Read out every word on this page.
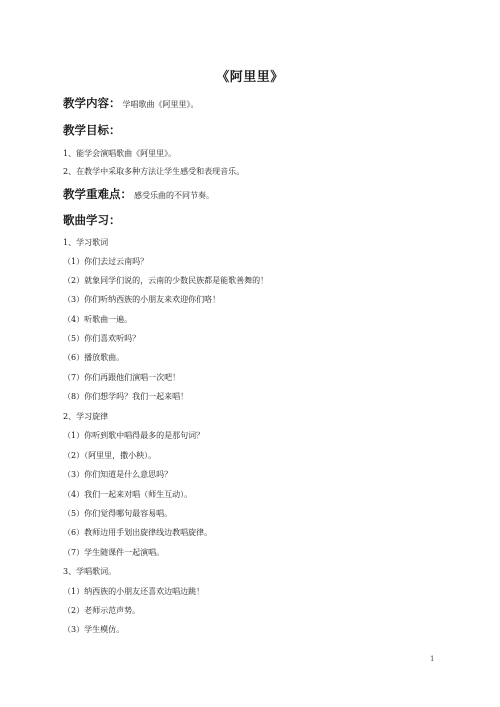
《阿里里》
教学内容： 学唱歌曲《阿里里》。
教学目标：
1、能学会演唱歌曲《阿里里》。
2、在教学中采取多种方法让学生感受和表现音乐。
教学重难点： 感受乐曲的不同节奏。
歌曲学习：
1、学习歌词
（1）你们去过云南吗？
（2）就象同学们说的，云南的少数民族都是能歌善舞的！
（3）你们听纳西族的小朋友来欢迎你们咯！
（4）听歌曲一遍。
（5）你们喜欢听吗？
（6）播放歌曲。
（7）你们再跟他们演唱一次吧！
（8）你们想学吗？我们一起来唱！
2、学习旋律
（1）你听到歌中唱得最多的是那句词？
（2）（阿里里，撒小秧）。
（3）你们知道是什么意思吗？
（4）我们一起来对唱（师生互动）。
（5）你们觉得哪句最容易唱。
（6）教师边用手划出旋律线边教唱旋律。
（7）学生随课件一起演唱。
3、学唱歌词。
（1）纳西族的小朋友还喜欢边唱边跳！
（2）老师示范声势。
（3）学生模仿。
1
